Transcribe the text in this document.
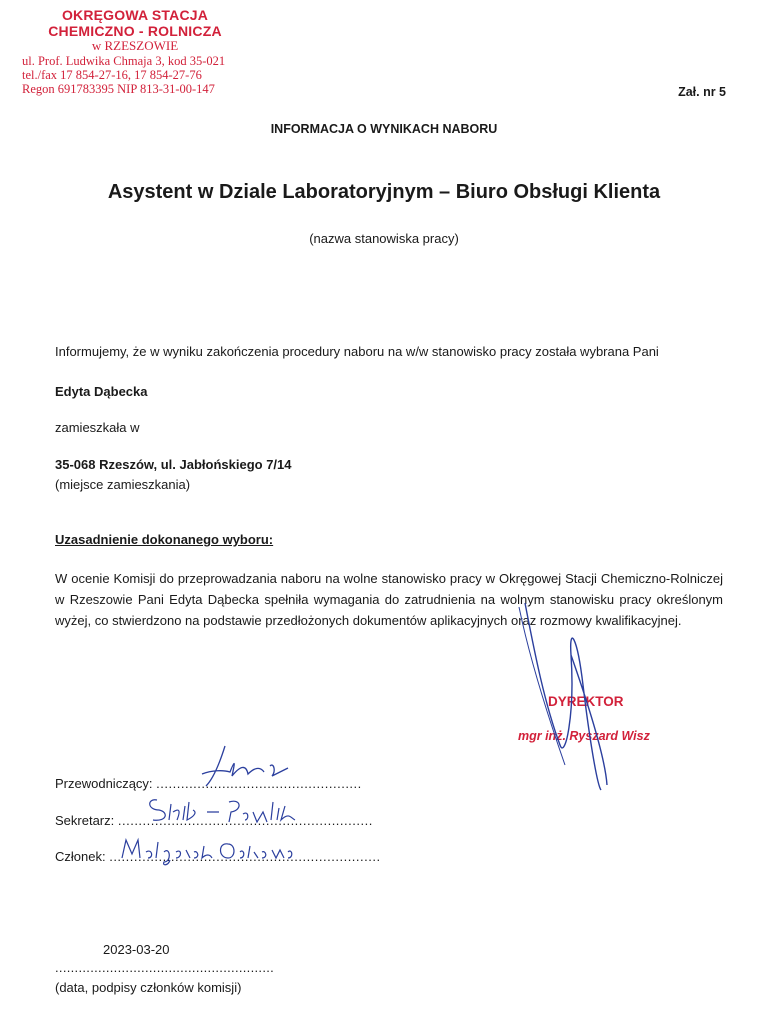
OKRĘGOWA STACJA
CHEMICZNO - ROLNICZA
w RZESZOWIE
ul. Prof. Ludwika Chmaja 3, kod 35-021
tel./fax 17 854-27-16, 17 854-27-76
Regon 691783395 NIP 813-31-00-147	Zał. nr 5
INFORMACJA O WYNIKACH NABORU
Asystent w Dziale Laboratoryjnym – Biuro Obsługi Klienta
(nazwa stanowiska pracy)
Informujemy, że w wyniku zakończenia procedury naboru na w/w stanowisko pracy została wybrana Pani
Edyta Dąbecka
zamieszkała w
35-068 Rzeszów, ul. Jabłońskiego 7/14
(miejsce zamieszkania)
Uzasadnienie dokonanego wyboru:
W ocenie Komisji do przeprowadzania naboru na wolne stanowisko pracy w Okręgowej Stacji Chemiczno-Rolniczej w Rzeszowie Pani Edyta Dąbecka spełniła wymagania do zatrudnienia na wolnym stanowisku pracy określonym wyżej, co stwierdzono na podstawie przedłożonych dokumentów aplikacyjnych oraz rozmowy kwalifikacyjnej.
DYREKTOR
mgr inż. Ryszard Wisz
Przewodniczący: ..................................................
Sekretarz: ..............................................................
Członek: ..................................................................
2023-03-20
........................................................
(data, podpisy członków komisji)
